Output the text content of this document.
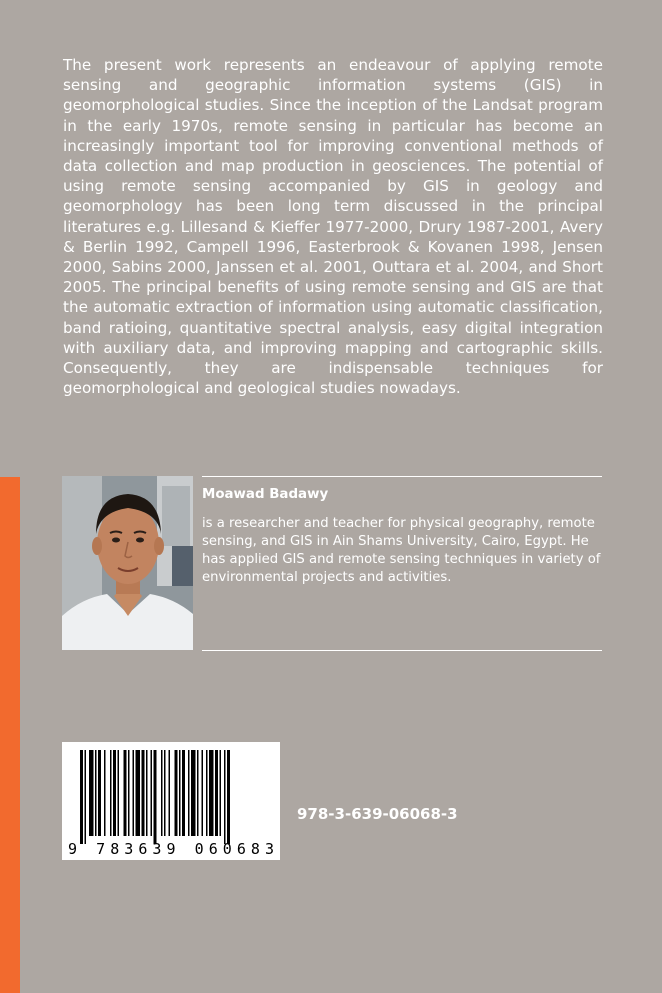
The present work represents an endeavour of applying remote sensing and geographic information systems (GIS) in geomorphological studies. Since the inception of the Landsat program in the early 1970s, remote sensing in particular has become an increasingly important tool for improving conventional methods of data collection and map production in geosciences. The potential of using remote sensing accompanied by GIS in geology and geomorphology has been long term discussed in the principal literatures e.g. Lillesand & Kieffer 1977-2000, Drury 1987-2001, Avery & Berlin 1992, Campell 1996, Easterbrook & Kovanen 1998, Jensen 2000, Sabins 2000, Janssen et al. 2001, Outtara et al. 2004, and Short 2005. The principal benefits of using remote sensing and GIS are that the automatic extraction of information using automatic classification, band ratioing, quantitative spectral analysis, easy digital integration with auxiliary data, and improving mapping and cartographic skills. Consequently, they are indispensable techniques for geomorphological and geological studies nowadays.

Moawad Badawy

is a researcher and teacher for physical geography, remote sensing, and GIS in Ain Shams University, Cairo, Egypt. He has applied GIS and remote sensing techniques in variety of environmental projects and activities.

9 783639 060683
978-3-639-06068-3
